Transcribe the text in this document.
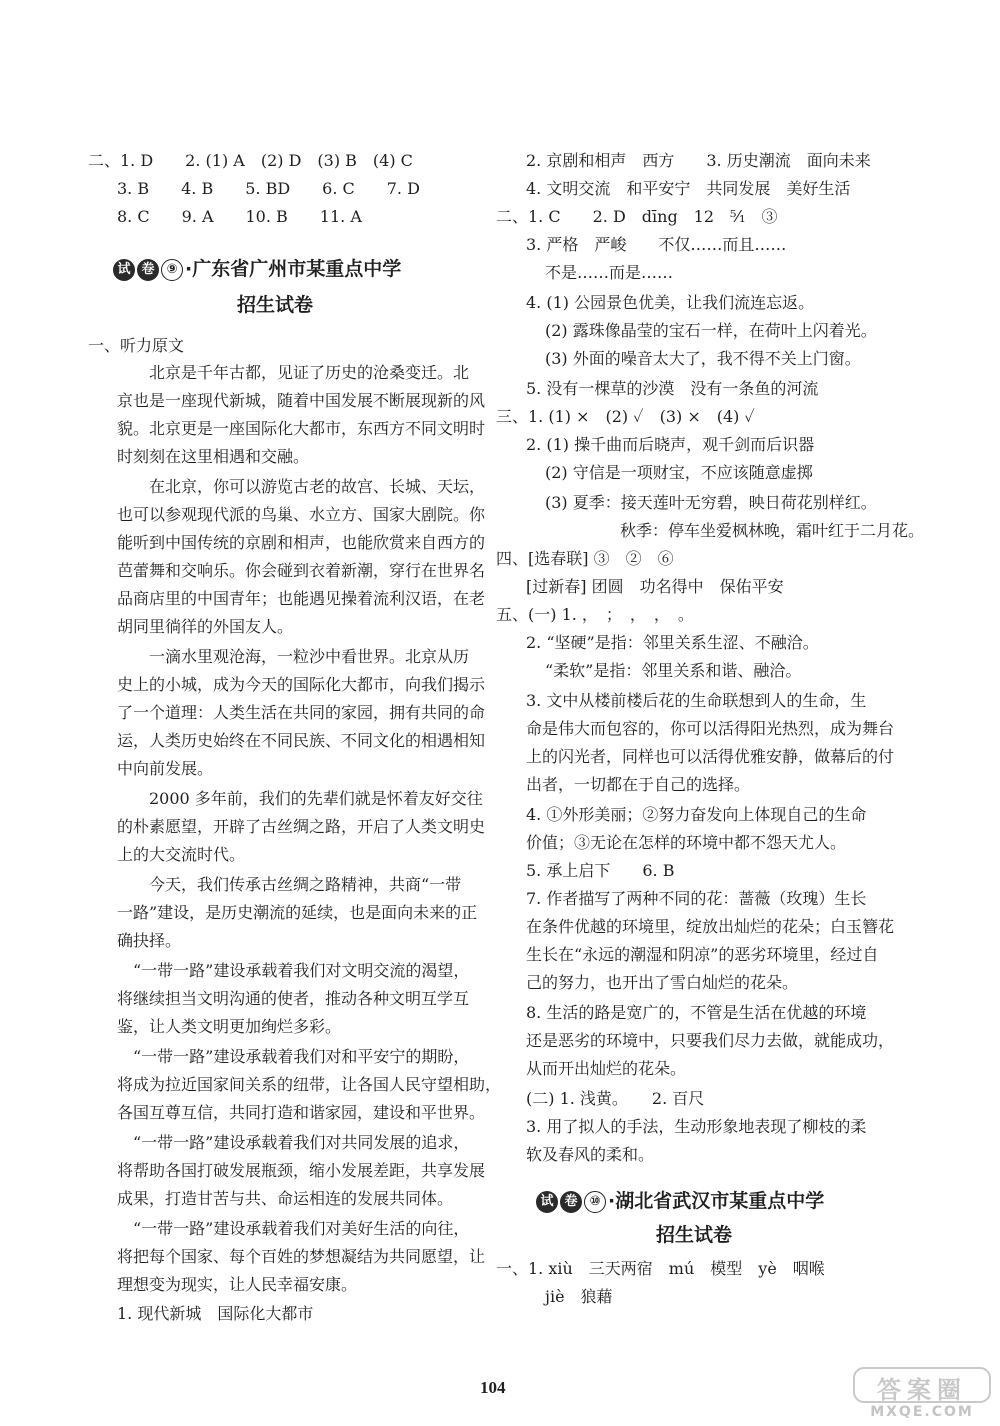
二、1. D　　2. (1) A　(2) D　(3) B　(4) C
3. B　　4. B　　5. BD　　6. C　　7. D
8. C　　9. A　　10. B　　11. A
试 卷 ⑨ ·广东省广州市某重点中学
招生试卷
一、听力原文
北京是千年古都，见证了历史的沧桑变迁。北
京也是一座现代新城，随着中国发展不断展现新的风
貌。北京更是一座国际化大都市，东西方不同文明时
时刻刻在这里相遇和交融。
在北京，你可以游览古老的故宫、长城、天坛，
也可以参观现代派的鸟巢、水立方、国家大剧院。你
能听到中国传统的京剧和相声，也能欣赏来自西方的
芭蕾舞和交响乐。你会碰到衣着新潮，穿行在世界名
品商店里的中国青年；也能遇见操着流利汉语，在老
胡同里徜徉的外国友人。
一滴水里观沧海，一粒沙中看世界。北京从历
史上的小城，成为今天的国际化大都市，向我们揭示
了一个道理：人类生活在共同的家园，拥有共同的命
运，人类历史始终在不同民族、不同文化的相遇相知
中向前发展。
2000 多年前，我们的先辈们就是怀着友好交往
的朴素愿望，开辟了古丝绸之路，开启了人类文明史
上的大交流时代。
今天，我们传承古丝绸之路精神，共商“一带
一路”建设，是历史潮流的延续，也是面向未来的正
确抉择。
“一带一路”建设承载着我们对文明交流的渴望，
将继续担当文明沟通的使者，推动各种文明互学互
鉴，让人类文明更加绚烂多彩。
“一带一路”建设承载着我们对和平安宁的期盼，
将成为拉近国家间关系的纽带，让各国人民守望相助，
各国互尊互信，共同打造和谐家园，建设和平世界。
“一带一路”建设承载着我们对共同发展的追求，
将帮助各国打破发展瓶颈，缩小发展差距，共享发展
成果，打造甘苦与共、命运相连的发展共同体。
“一带一路”建设承载着我们对美好生活的向往，
将把每个国家、每个百姓的梦想凝结为共同愿望，让
理想变为现实，让人民幸福安康。
1. 现代新城　国际化大都市
2. 京剧和相声　西方　　3. 历史潮流　面向未来
4. 文明交流　和平安宁　共同发展　美好生活
二、1. C　　2. D　dīng　12　⁵⁄₁　③
3. 严格　严峻　　不仅……而且……
不是……而是……
4. (1) 公园景色优美，让我们流连忘返。
(2) 露珠像晶莹的宝石一样，在荷叶上闪着光。
(3) 外面的噪音太大了，我不得不关上门窗。
5. 没有一棵草的沙漠　没有一条鱼的河流
三、1. (1) ×　(2) ✓　(3) ×　(4) ✓
2. (1) 操千曲而后晓声，观千剑而后识器
(2) 守信是一项财宝，不应该随意虚掷
(3) 夏季：接天莲叶无穷碧，映日荷花别样红。
秋季：停车坐爱枫林晚，霜叶红于二月花。
四、[选春联] ③　②　⑥
[过新春] 团圆　功名得中　保佑平安
五、(一) 1. ，　；　，　，　。
2. “坚硬”是指：邻里关系生涩、不融洽。
“柔软”是指：邻里关系和谐、融洽。
3. 文中从楼前楼后花的生命联想到人的生命，生
命是伟大而包容的，你可以活得阳光热烈，成为舞台
上的闪光者，同样也可以活得优雅安静，做幕后的付
出者，一切都在于自己的选择。
4. ①外形美丽；②努力奋发向上体现自己的生命
价值；③无论在怎样的环境中都不怨天尤人。
5. 承上启下　　6. B
7. 作者描写了两种不同的花：蔷薇（玫瑰）生长
在条件优越的环境里，绽放出灿烂的花朵；白玉簪花
生长在“永远的潮湿和阴凉”的恶劣环境里，经过自
己的努力，也开出了雪白灿烂的花朵。
8. 生活的路是宽广的，不管是生活在优越的环境
还是恶劣的环境中，只要我们尽力去做，就能成功，
从而开出灿烂的花朵。
(二) 1. 浅黄。　　2. 百尺
3. 用了拟人的手法，生动形象地表现了柳枝的柔
软及春风的柔和。
试 卷 ⑩ ·湖北省武汉市某重点中学
招生试卷
一、1. xiù　三天两宿　mú　模型　yè　咽喉
jiè　狼藉
104	答案圈
MXQE.COM
